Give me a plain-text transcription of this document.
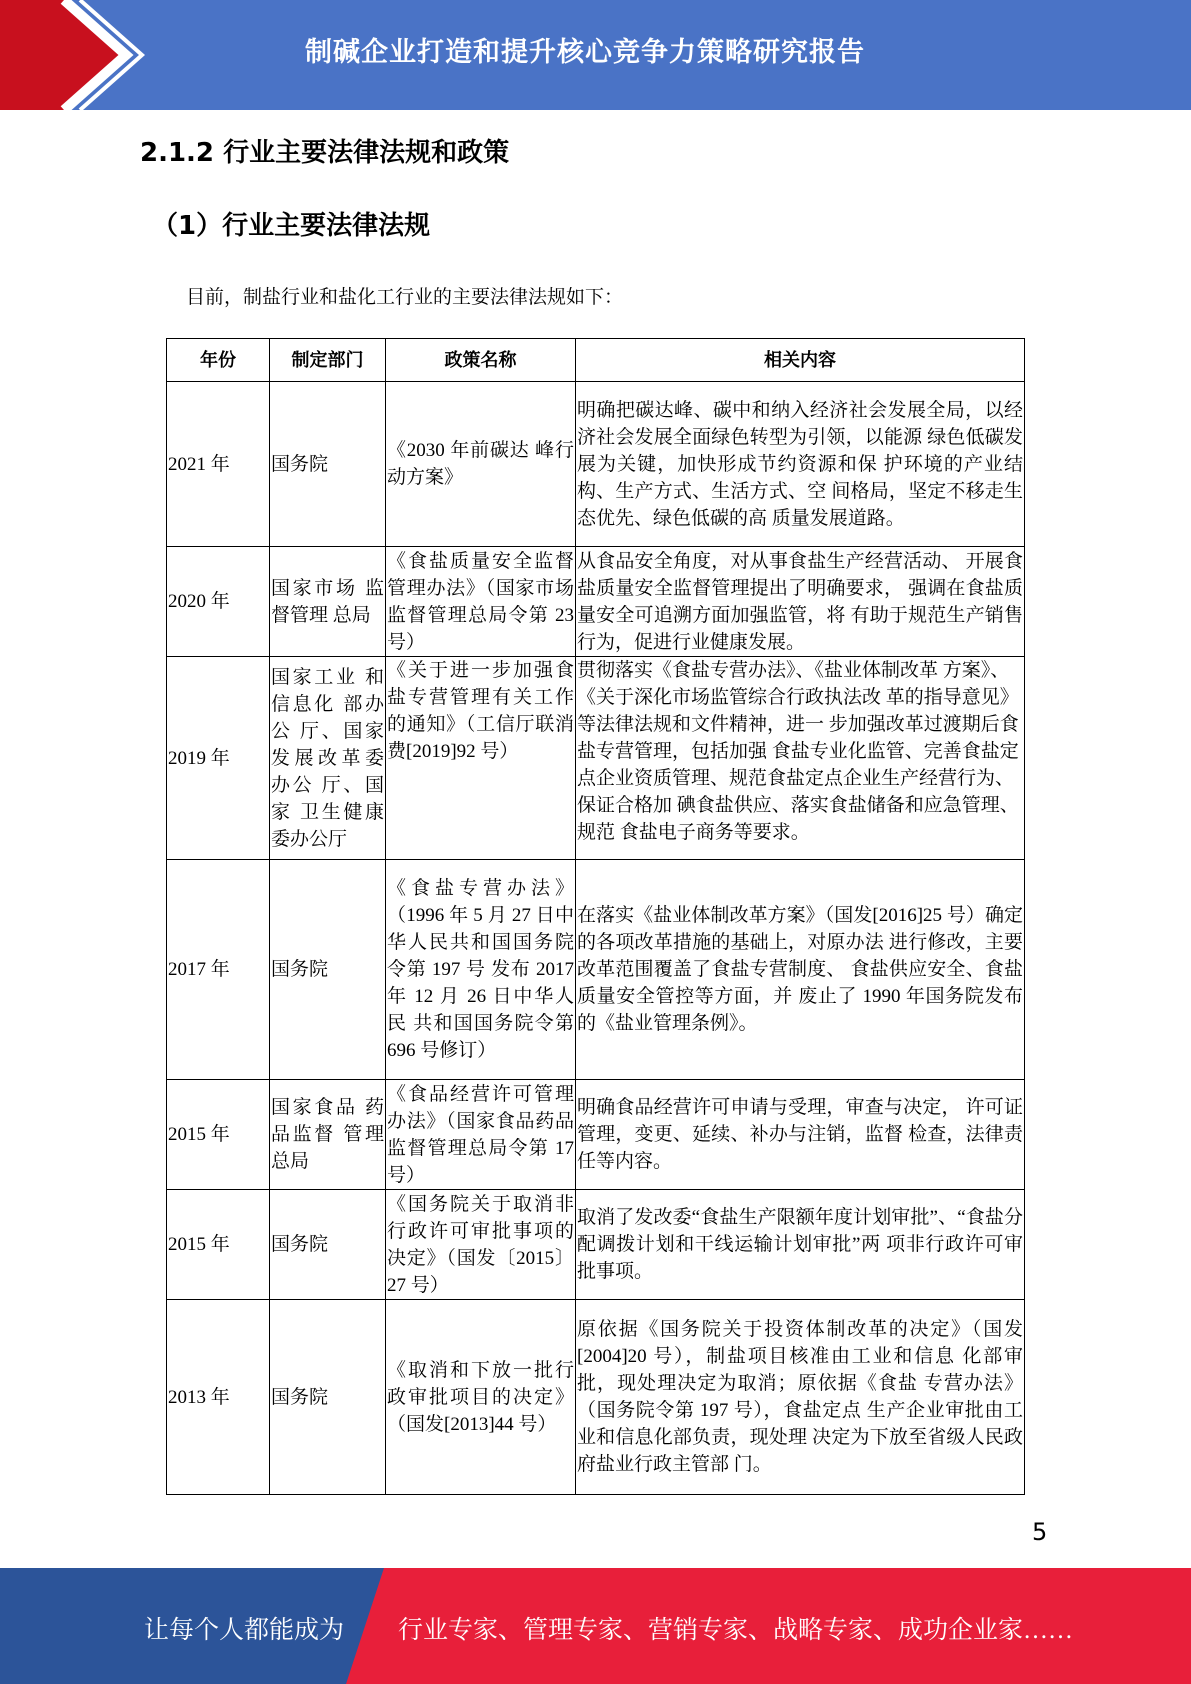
制碱企业打造和提升核心竞争力策略研究报告
2.1.2 行业主要法律法规和政策
（1）行业主要法律法规
目前，制盐行业和盐化工行业的主要法律法规如下：
年份	制定部门	政策名称	相关内容
2021 年	国务院	《2030 年前碳达 峰行动方案》	明确把碳达峰、碳中和纳入经济社会发展全局，以经济社会发展全面绿色转型为引领，以能源 绿色低碳发展为关键，加快形成节约资源和保 护环境的产业结构、生产方式、生活方式、空 间格局，坚定不移走生态优先、绿色低碳的高 质量发展道路。
2020 年	国家市场 监督管理 总局	《食盐质量安全监督管理办法》（国家市场监督管理总局令第 23 号）	从食品安全角度，对从事食盐生产经营活动、 开展食盐质量安全监督管理提出了明确要求， 强调在食盐质量安全可追溯方面加强监管，将 有助于规范生产销售行为，促进行业健康发展。
2019 年	国家工业 和信息化 部办公 厅、国家发展改革委办公 厅、国家 卫生健康委办公厅	《关于进一步加强食盐专营管理有关工作的通知》（工信厅联消费[2019]92 号）	贯彻落实《食盐专营办法》、《盐业体制改革 方案》、《关于深化市场监管综合行政执法改 革的指导意见》等法律法规和文件精神，进一 步加强改革过渡期后食盐专营管理，包括加强 食盐专业化监管、完善食盐定点企业资质管理、规范食盐定点企业生产经营行为、保证合格加 碘食盐供应、落实食盐储备和应急管理、规范 食盐电子商务等要求。

2017 年	国务院	《食盐专营办法》（1996 年 5 月 27 日中华人民共和国国务院令第 197 号 发布 2017 年 12 月 26 日中华人民 共和国国务院令第 696 号修订）	在落实《盐业体制改革方案》（国发[2016]25 号）确定的各项改革措施的基础上，对原办法 进行修改，主要改革范围覆盖了食盐专营制度、 食盐供应安全、食盐质量安全管控等方面，并 废止了 1990 年国务院发布的《盐业管理条例》。
2015 年	国家食品 药品监督 管理总局	《食品经营许可管理办法》（国家食品药品监督管理总局令第 17 号）	明确食品经营许可申请与受理，审查与决定， 许可证管理，变更、延续、补办与注销，监督 检查，法律责任等内容。
2015 年	国务院	《国务院关于取消非行政许可审批事项的决定》（国发〔2015〕 27 号）	取消了发改委“食盐生产限额年度计划审批”、“食盐分配调拨计划和干线运输计划审批”两 项非行政许可审批事项。
2013 年	国务院	《取消和下放一批行政审批项目的决定》（国发[2013]44 号）	原依据《国务院关于投资体制改革的决定》（国发[2004]20 号），制盐项目核准由工业和信息 化部审批，现处理决定为取消；原依据《食盐 专营办法》（国务院令第 197 号），食盐定点 生产企业审批由工业和信息化部负责，现处理 决定为下放至省级人民政府盐业行政主管部 门。
5
让每个人都能成为 行业专家、管理专家、营销专家、战略专家、成功企业家……
